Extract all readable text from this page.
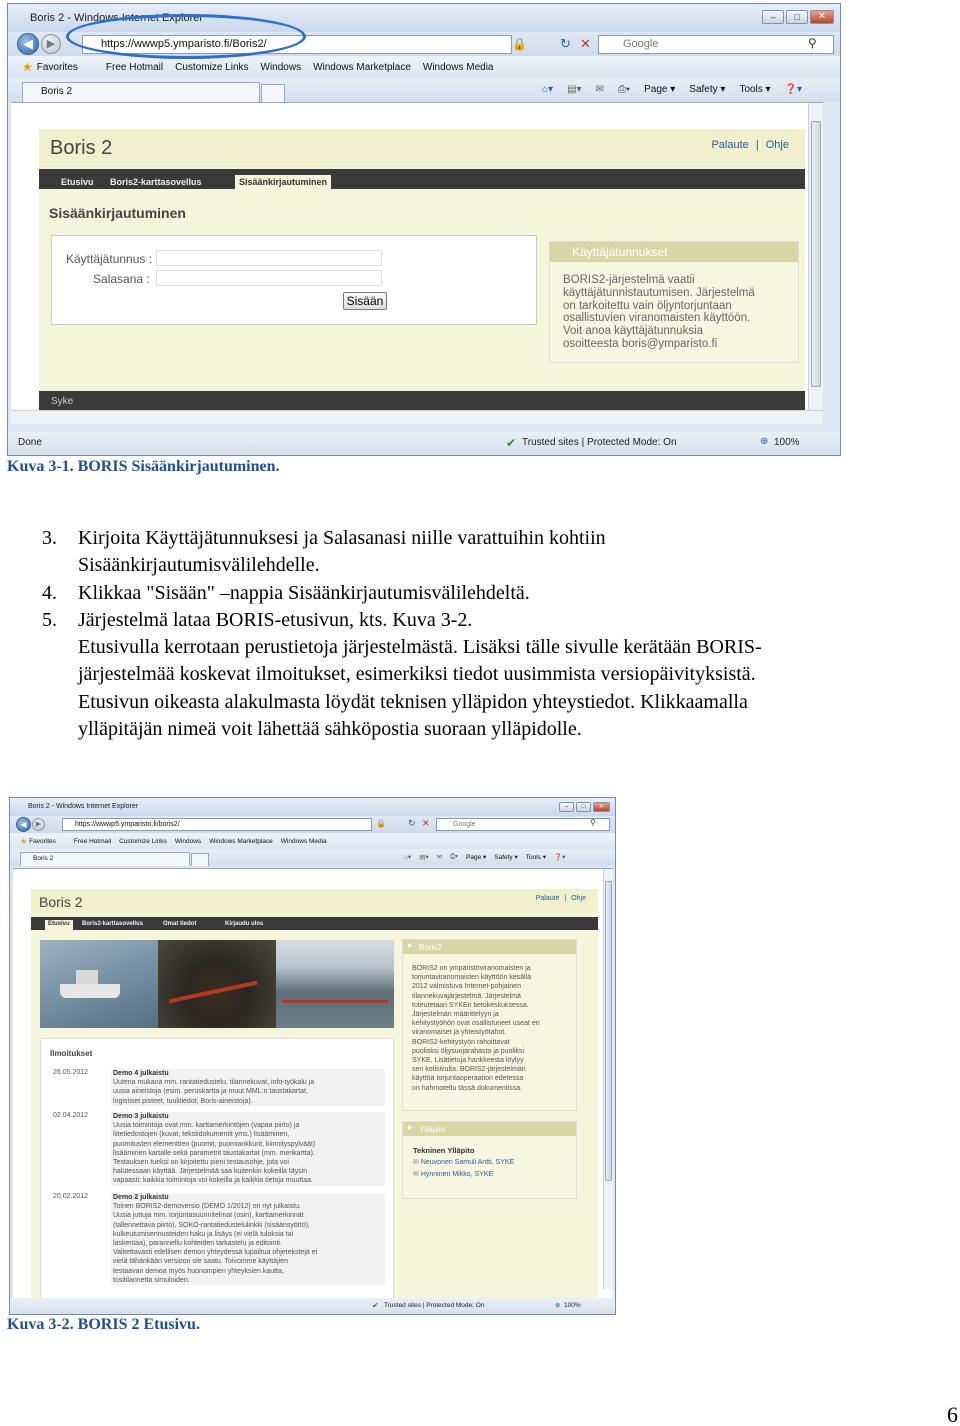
Boris 2 - Windows Internet Explorer	–	□	✕
◀	▶	https://wwwp5.ymparisto.fi/Boris2/	🔒	↻ ✕	Google	⚲
★ Favorites	Free Hotmail Customize Links Windows Windows Marketplace Windows Media
Boris 2	⌂▾ ▤▾ ✉ ⎙▾ Page ▾ Safety ▾ Tools ▾ ❓▾
Boris 2	Palaute | Ohje
Etusivu Boris2-karttasovellus	Sisäänkirjautuminen
Sisäänkirjautuminen
Käyttäjätunnus :
Salasana :
Sisään
Käyttäjätunnukset
BORIS2-järjestelmä vaatii
käyttäjätunnistautumisen. Järjestelmä
on tarkoitettu vain öljyntorjuntaan
osallistuvien viranomaisten käyttöön.
Voit anoa käyttäjätunnuksia
osoitteesta boris@ymparisto.fi
Syke
Done	✔ Trusted sites | Protected Mode: On	⊕ 100%
Kuva 3-1. BORIS Sisäänkirjautuminen.
3. Kirjoita Käyttäjätunnuksesi ja Salasanasi niille varattuihin kohtiin
Sisäänkirjautumisvälilehdelle.
4. Klikkaa "Sisään" –nappia Sisäänkirjautumisvälilehdeltä.
5. Järjestelmä lataa BORIS-etusivun, kts. Kuva 3-2.
Etusivulla kerrotaan perustietoja järjestelmästä. Lisäksi tälle sivulle kerätään BORIS-
järjestelmää koskevat ilmoitukset, esimerkiksi tiedot uusimmista versiopäivityksistä.
Etusivun oikeasta alakulmasta löydät teknisen ylläpidon yhteystiedot. Klikkaamalla
ylläpitäjän nimeä voit lähettää sähköpostia suoraan ylläpidolle.
Boris 2 - Windows Internet Explorer	–	□	✕
◀	▶	https://wwwp5.ymparisto.fi/boris2/	🔒 ↻ ✕	Google	⚲
★ Favorites	Free Hotmail Customize Links Windows Windows Marketplace Windows Media
Boris 2	⌂▾ ▤▾ ✉ ⎙▾ Page ▾ Safety ▾ Tools ▾ ❓▾
Boris 2	Palaute | Ohje
Etusivu	Boris2-karttasovellus	Omat tiedot	Kirjaudu ulos
Ilmoitukset
26.05.2012	Demo 4 julkaistu
Uutena mukana mm. rantatiedustelu, tilannekuvat, info-työkalu ja
uusia aineistoja (esim. peruskartta ja muut MML:n taustakartat,
logistiset pisteet, tuulitiedot, Boris-aineistoja).
02.04.2012	Demo 3 julkaistu
Uusia toimintoja ovat mm. karttamerkintöjen (vapaa piirto) ja
liitetiedostojen (kuvat, tekstidokumentit yms.) lisääminen,
puomitusten elementtien (puomit, puomiankkurit, kiinnityspylväät)
lisääminen kartalle sekä parametrit taustakartat (mm. merikartta).
Testauksen tueksi on kirjoitettu pieni testausohje, jota voi
halutessaan käyttää. Järjestelmää saa kuitenkin kokeilla täysin
vapaasti: kaikkia toimintoja voi kokeilla ja kaikkia tietoja muuttaa.
20.02.2012	Demo 2 julkaistu
Toinen BORIS2-demoversio (DEMO 1/2012) on nyt julkaistu.
Uusia juttuja mm. torjuntasuunnitelmat (osin), karttamerkinnät
(tallennettava piirto), SOKO-rantatiedustelulinkki (sisäänsyöttö),
kulkeutumisennusteiden haku ja lisäys (ei vielä tuloksia tai
laskentaa), parannellu kohteiden tarkastelu ja editointi.
Valitettavasti edellisen demon yhteydessä lupailtua ohjetekstejä ei
vielä tähänkään versioon ole saatu. Toivomme käyttäjien
testaavan demoa myös huonompien yhteyksien kautta,
tositilannetta simuloiden.
▶ Boris2
BORIS2 on ympäristöviranomaisten ja
torjuntaviranomaisten käyttöön kesällä
2012 valmistuva Internet-pohjainen
tilannekuvajärjestelmä. Järjestelmä
toteutetaan SYKEn tietokeskuksessa.
Järjestelmän määrittelyyn ja
kehitystyöhön ovat osallistuneet useat eri
viranomaiset ja yhteistyötahot.
BORIS2-kehitystyön rahoittavat
puolisksi öljysuojarahasto ja puoliksi
SYKE. Lisätietoja hankkeesta löytyy
sen kotisivulta. BORIS2-järjestelmän
käyttöä torjuntaoperaation edetessa
on hahmoteltu tässä dokumentissa.
▶ Ylläpito
Tekninen Ylläpito
✉ Neuvonen Samuli Antti, SYKE
✉ Hynninen Mikko, SYKE
✔ Trusted sites | Protected Mode: On	⊕ 100%
Kuva 3-2. BORIS 2 Etusivu.
6
